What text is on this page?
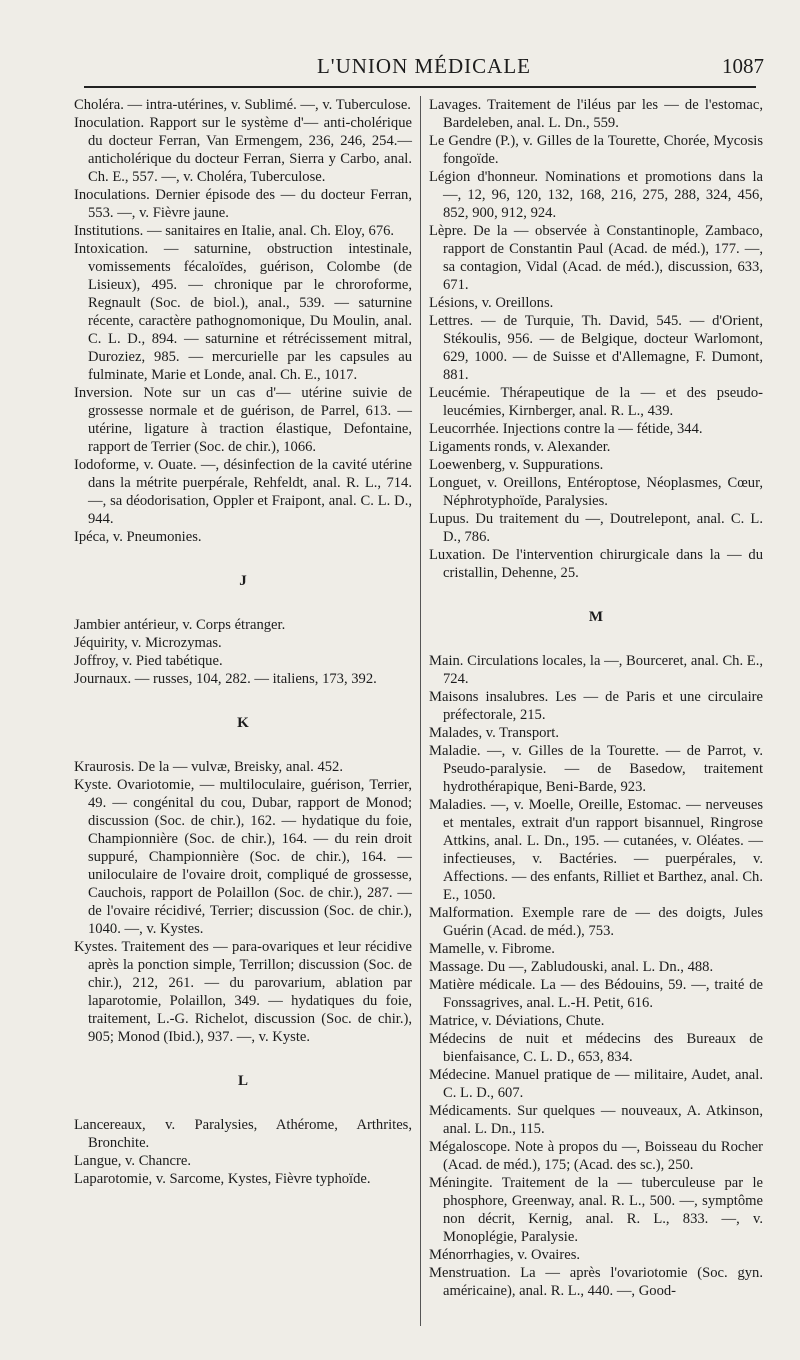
L'UNION MÉDICALE	1087

Choléra. — intra-utérines, v. Sublimé. —, v. Tuberculose.

Inoculation. Rapport sur le système d'— anti-cholérique du docteur Ferran, Van Ermengem, 236, 246, 254.— anticholérique du docteur Ferran, Sierra y Carbo, anal. Ch. E., 557. —, v. Choléra, Tuberculose.

Inoculations. Dernier épisode des — du docteur Ferran, 553. —, v. Fièvre jaune.

Institutions. — sanitaires en Italie, anal. Ch. Eloy, 676.

Intoxication. — saturnine, obstruction intestinale, vomissements fécaloïdes, guérison, Colombe (de Lisieux), 495. — chronique par le chroroforme, Regnault (Soc. de biol.), anal., 539. — saturnine récente, caractère pathognomonique, Du Moulin, anal. C. L. D., 894. — saturnine et rétrécissement mitral, Duroziez, 985. — mercurielle par les capsules au fulminate, Marie et Londe, anal. Ch. E., 1017.

Inversion. Note sur un cas d'— utérine suivie de grossesse normale et de guérison, de Parrel, 613. — utérine, ligature à traction élastique, Defontaine, rapport de Terrier (Soc. de chir.), 1066.

Iodoforme, v. Ouate. —, désinfection de la cavité utérine dans la métrite puerpérale, Rehfeldt, anal. R. L., 714. —, sa déodorisation, Oppler et Fraipont, anal. C. L. D., 944.

Ipéca, v. Pneumonies.

J

Jambier antérieur, v. Corps étranger.

Jéquirity, v. Microzymas.

Joffroy, v. Pied tabétique.

Journaux. — russes, 104, 282. — italiens, 173, 392.

K

Kraurosis. De la — vulvæ, Breisky, anal. 452.

Kyste. Ovariotomie, — multiloculaire, guérison, Terrier, 49. — congénital du cou, Dubar, rapport de Monod; discussion (Soc. de chir.), 162. — hydatique du foie, Championnière (Soc. de chir.), 164. — du rein droit suppuré, Championnière (Soc. de chir.), 164. — uniloculaire de l'ovaire droit, compliqué de grossesse, Cauchois, rapport de Polaillon (Soc. de chir.), 287. — de l'ovaire récidivé, Terrier; discussion (Soc. de chir.), 1040. —, v. Kystes.

Kystes. Traitement des — para-ovariques et leur récidive après la ponction simple, Terrillon; discussion (Soc. de chir.), 212, 261. — du parovarium, ablation par laparotomie, Polaillon, 349. — hydatiques du foie, traitement, L.-G. Richelot, discussion (Soc. de chir.), 905; Monod (Ibid.), 937. —, v. Kyste.

L

Lancereaux, v. Paralysies, Athérome, Arthrites, Bronchite.

Langue, v. Chancre.

Laparotomie, v. Sarcome, Kystes, Fièvre typhoïde.

Lavages. Traitement de l'iléus par les — de l'estomac, Bardeleben, anal. L. Dn., 559.

Le Gendre (P.), v. Gilles de la Tourette, Chorée, Mycosis fongoïde.

Légion d'honneur. Nominations et promotions dans la —, 12, 96, 120, 132, 168, 216, 275, 288, 324, 456, 852, 900, 912, 924.

Lèpre. De la — observée à Constantinople, Zambaco, rapport de Constantin Paul (Acad. de méd.), 177. —, sa contagion, Vidal (Acad. de méd.), discussion, 633, 671.

Lésions, v. Oreillons.

Lettres. — de Turquie, Th. David, 545. — d'Orient, Stékoulis, 956. — de Belgique, docteur Warlomont, 629, 1000. — de Suisse et d'Allemagne, F. Dumont, 881.

Leucémie. Thérapeutique de la — et des pseudo-leucémies, Kirnberger, anal. R. L., 439.

Leucorrhée. Injections contre la — fétide, 344.

Ligaments ronds, v. Alexander.

Loewenberg, v. Suppurations.

Longuet, v. Oreillons, Entéroptose, Néoplasmes, Cœur, Néphrotyphoïde, Paralysies.

Lupus. Du traitement du —, Doutrelepont, anal. C. L. D., 786.

Luxation. De l'intervention chirurgicale dans la — du cristallin, Dehenne, 25.

M

Main. Circulations locales, la —, Bourceret, anal. Ch. E., 724.

Maisons insalubres. Les — de Paris et une circulaire préfectorale, 215.

Malades, v. Transport.

Maladie. —, v. Gilles de la Tourette. — de Parrot, v. Pseudo-paralysie. — de Basedow, traitement hydrothérapique, Beni-Barde, 923.

Maladies. —, v. Moelle, Oreille, Estomac. — nerveuses et mentales, extrait d'un rapport bisannuel, Ringrose Attkins, anal. L. Dn., 195. — cutanées, v. Oléates. — infectieuses, v. Bactéries. — puerpérales, v. Affections. — des enfants, Rilliet et Barthez, anal. Ch. E., 1050.

Malformation. Exemple rare de — des doigts, Jules Guérin (Acad. de méd.), 753.

Mamelle, v. Fibrome.

Massage. Du —, Zabludouski, anal. L. Dn., 488.

Matière médicale. La — des Bédouins, 59. —, traité de Fonssagrives, anal. L.-H. Petit, 616.

Matrice, v. Déviations, Chute.

Médecins de nuit et médecins des Bureaux de bienfaisance, C. L. D., 653, 834.

Médecine. Manuel pratique de — militaire, Audet, anal. C. L. D., 607.

Médicaments. Sur quelques — nouveaux, A. Atkinson, anal. L. Dn., 115.

Mégaloscope. Note à propos du —, Boisseau du Rocher (Acad. de méd.), 175; (Acad. des sc.), 250.

Méningite. Traitement de la — tuberculeuse par le phosphore, Greenway, anal. R. L., 500. —, symptôme non décrit, Kernig, anal. R. L., 833. —, v. Monoplégie, Paralysie.

Ménorrhagies, v. Ovaires.

Menstruation. La — après l'ovariotomie (Soc. gyn. américaine), anal. R. L., 440. —, Good-
